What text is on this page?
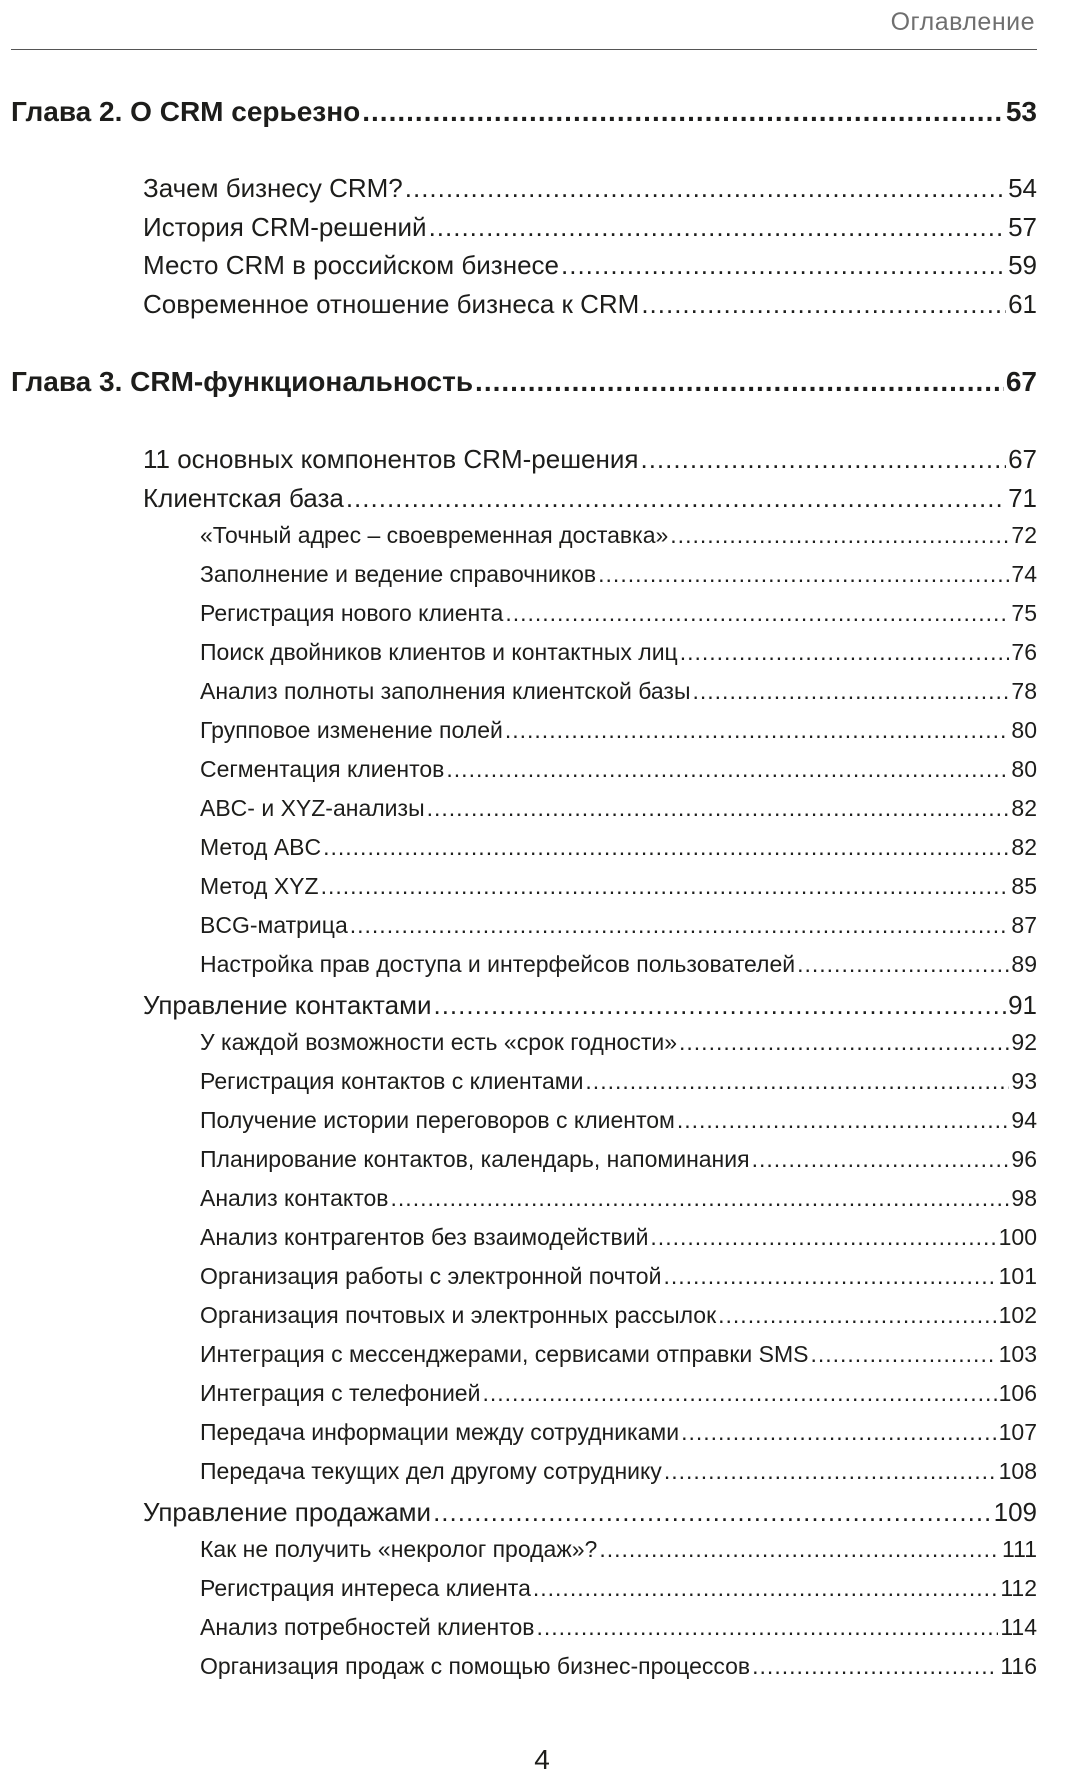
Оглавление
Глава 2. О CRM серьезно .....	53
Зачем бизнесу CRM? .....	54
История CRM-решений .....	57
Место CRM в российском бизнесе .....	59
Современное отношение бизнеса к CRM .....	61
Глава 3. CRM-функциональность .....	67
11 основных компонентов CRM-решения .....	67
Клиентская база .....	71
«Точный адрес – своевременная доставка» .....	72
Заполнение и ведение справочников .....	74
Регистрация нового клиента .....	75
Поиск двойников клиентов и контактных лиц .....	76
Анализ полноты заполнения клиентской базы .....	78
Групповое изменение полей .....	80
Сегментация клиентов .....	80
ABC- и XYZ-анализы .....	82
Метод ABC .....	82
Метод XYZ .....	85
BCG-матрица .....	87
Настройка прав доступа и интерфейсов пользователей .....	89
Управление контактами .....	91
У каждой возможности есть «срок годности» .....	92
Регистрация контактов с клиентами .....	93
Получение истории переговоров с клиентом .....	94
Планирование контактов, календарь, напоминания .....	96
Анализ контактов .....	98
Анализ контрагентов без взаимодействий .....	100
Организация работы с электронной почтой .....	101
Организация почтовых и электронных рассылок .....	102
Интеграция с мессенджерами, сервисами отправки SMS .....	103
Интеграция с телефонией .....	106
Передача информации между сотрудниками .....	107
Передача текущих дел другому сотруднику .....	108
Управление продажами .....	109
Как не получить «некролог продаж»? .....	111
Регистрация интереса клиента .....	112
Анализ потребностей клиентов .....	114
Организация продаж с помощью бизнес-процессов .....	116
4
